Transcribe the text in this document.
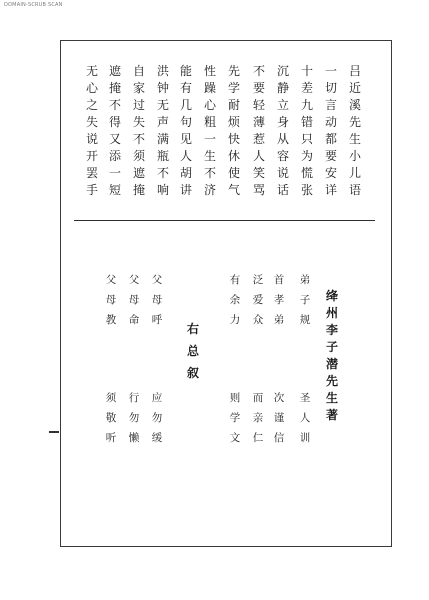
DOMAIN-SCRUB SCAN
吕
近
溪
先
生
小
儿
语
一
切
言
动
都
要
安
详
十
差
九
错
只
为
慌
张
沉
静
立
身
从
容
说
话
不
要
轻
薄
惹
人
笑
骂
先
学
耐
烦
快
休
使
气
性
躁
心
粗
一
生
不
济
能
有
几
句
见
人
胡
讲
洪
钟
无
声
满
瓶
不
响
自
家
过
失
不
须
遮
掩
遮
掩
不
得
又
添
一
短
无
心
之
失
说
开
罢
手
绛
州
李
子
潜
先
生
著
右
总
叙
弟
子
规
圣
人
训
首
孝
弟
次
谨
信
泛
爱
众
而
亲
仁
有
余
力
则
学
文
父
母
呼
应
勿
缓
父
母
命
行
勿
懒
父
母
教
须
敬
听
